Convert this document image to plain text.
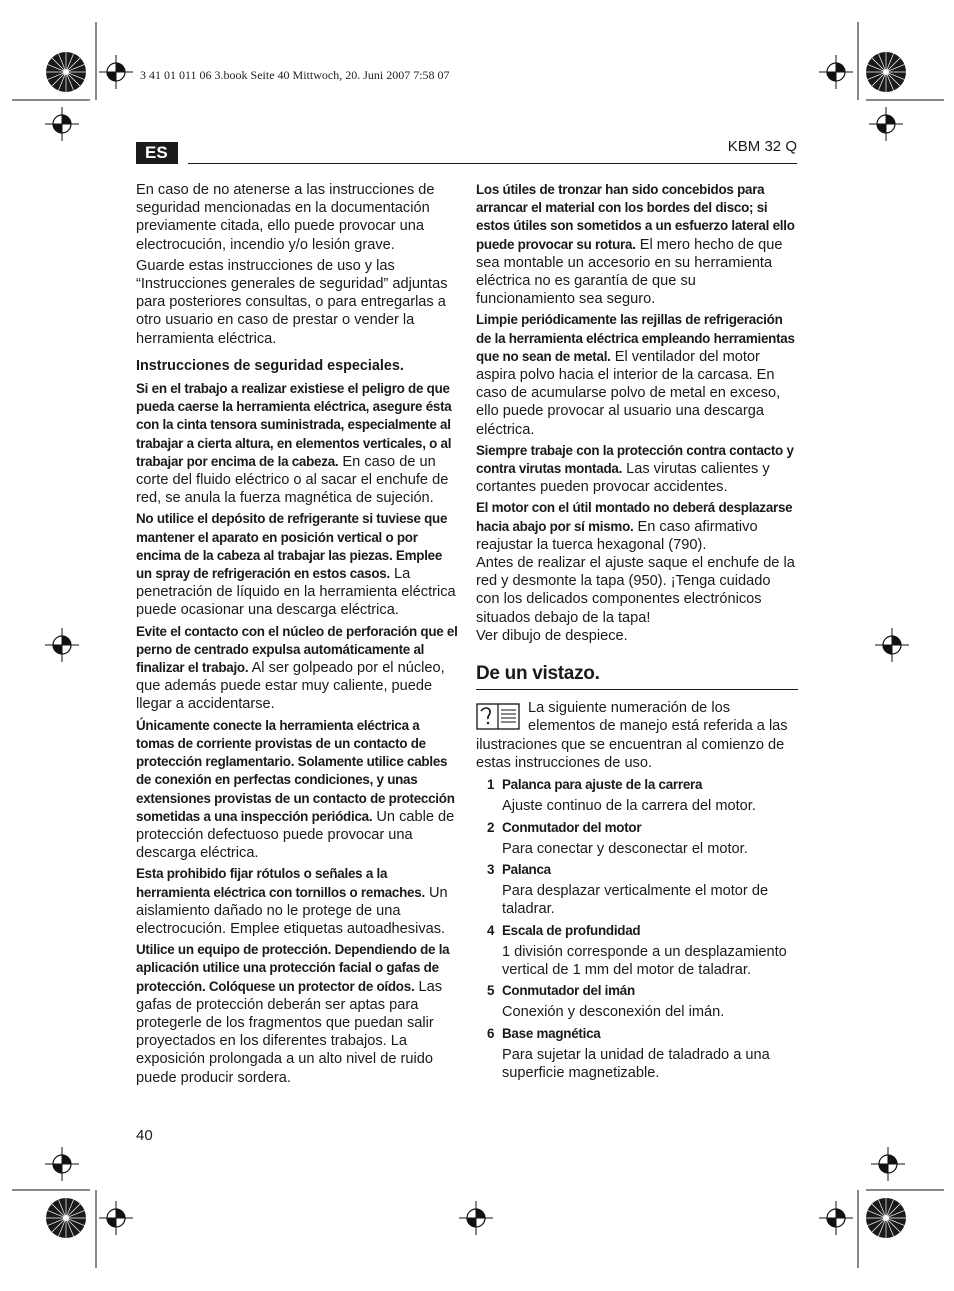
3 41 01 011 06 3.book Seite 40 Mittwoch, 20. Juni 2007 7:58 07
ES	KBM 32 Q

En caso de no atenerse a las instrucciones de seguridad mencionadas en la documentación previamente citada, ello puede provocar una electrocución, incendio y/o lesión grave.

Guarde estas instrucciones de uso y las “Instrucciones generales de seguridad” adjuntas para posteriores consultas, o para entregarlas a otro usuario en caso de prestar o vender la herramienta eléctrica.

Instrucciones de seguridad especiales.

Si en el trabajo a realizar existiese el peligro de que pueda caerse la herramienta eléctrica, asegure ésta con la cinta tensora suministrada, especialmente al trabajar a cierta altura, en elementos verticales, o al trabajar por encima de la cabeza. En caso de un corte del fluido eléctrico o al sacar el enchufe de red, se anula la fuerza magnética de sujeción.

No utilice el depósito de refrigerante si tuviese que mantener el aparato en posición vertical o por encima de la cabeza al trabajar las piezas. Emplee un spray de refrigeración en estos casos. La penetración de líquido en la herramienta eléctrica puede ocasionar una descarga eléctrica.

Evite el contacto con el núcleo de perforación que el perno de centrado expulsa automáticamente al finalizar el trabajo. Al ser golpeado por el núcleo, que además puede estar muy caliente, puede llegar a accidentarse.

Únicamente conecte la herramienta eléctrica a tomas de corriente provistas de un contacto de protección reglamentario. Solamente utilice cables de conexión en perfectas condiciones, y unas extensiones provistas de un contacto de protección sometidas a una inspección periódica. Un cable de protección defectuoso puede provocar una descarga eléctrica.

Esta prohibido fijar rótulos o señales a la herramienta eléctrica con tornillos o remaches. Un aislamiento dañado no le protege de una electrocución. Emplee etiquetas autoadhesivas.

Utilice un equipo de protección. Dependiendo de la aplicación utilice una protección facial o gafas de protección. Colóquese un protector de oídos. Las gafas de protección deberán ser aptas para protegerle de los fragmentos que puedan salir proyectados en los diferentes trabajos. La exposición prolongada a un alto nivel de ruido puede producir sordera.

Los útiles de tronzar han sido concebidos para arrancar el material con los bordes del disco; si estos útiles son sometidos a un esfuerzo lateral ello puede provocar su rotura. El mero hecho de que sea montable un accesorio en su herramienta eléctrica no es garantía de que su funcionamiento sea seguro.

Limpie periódicamente las rejillas de refrigeración de la herramienta eléctrica empleando herramientas que no sean de metal. El ventilador del motor aspira polvo hacia el interior de la carcasa. En caso de acumularse polvo de metal en exceso, ello puede provocar al usuario una descarga eléctrica.

Siempre trabaje con la protección contra contacto y contra virutas montada. Las virutas calientes y cortantes pueden provocar accidentes.

El motor con el útil montado no deberá desplazarse hacia abajo por sí mismo. En caso afirmativo reajustar la tuerca hexagonal (790).

Antes de realizar el ajuste saque el enchufe de la red y desmonte la tapa (950). ¡Tenga cuidado con los delicados componentes electrónicos situados debajo de la tapa!

Ver dibujo de despiece.

De un vistazo.
La siguiente numeración de los elementos de manejo está referida a las ilustraciones que se encuentran al comienzo de estas instrucciones de uso.
1 Palanca para ajuste de la carrera
Ajuste continuo de la carrera del motor.
2 Conmutador del motor
Para conectar y desconectar el motor.
3 Palanca
Para desplazar verticalmente el motor de taladrar.
4 Escala de profundidad
1 división corresponde a un desplazamiento vertical de 1 mm del motor de taladrar.
5 Conmutador del imán
Conexión y desconexión del imán.
6 Base magnética
Para sujetar la unidad de taladrado a una superficie magnetizable.
40
